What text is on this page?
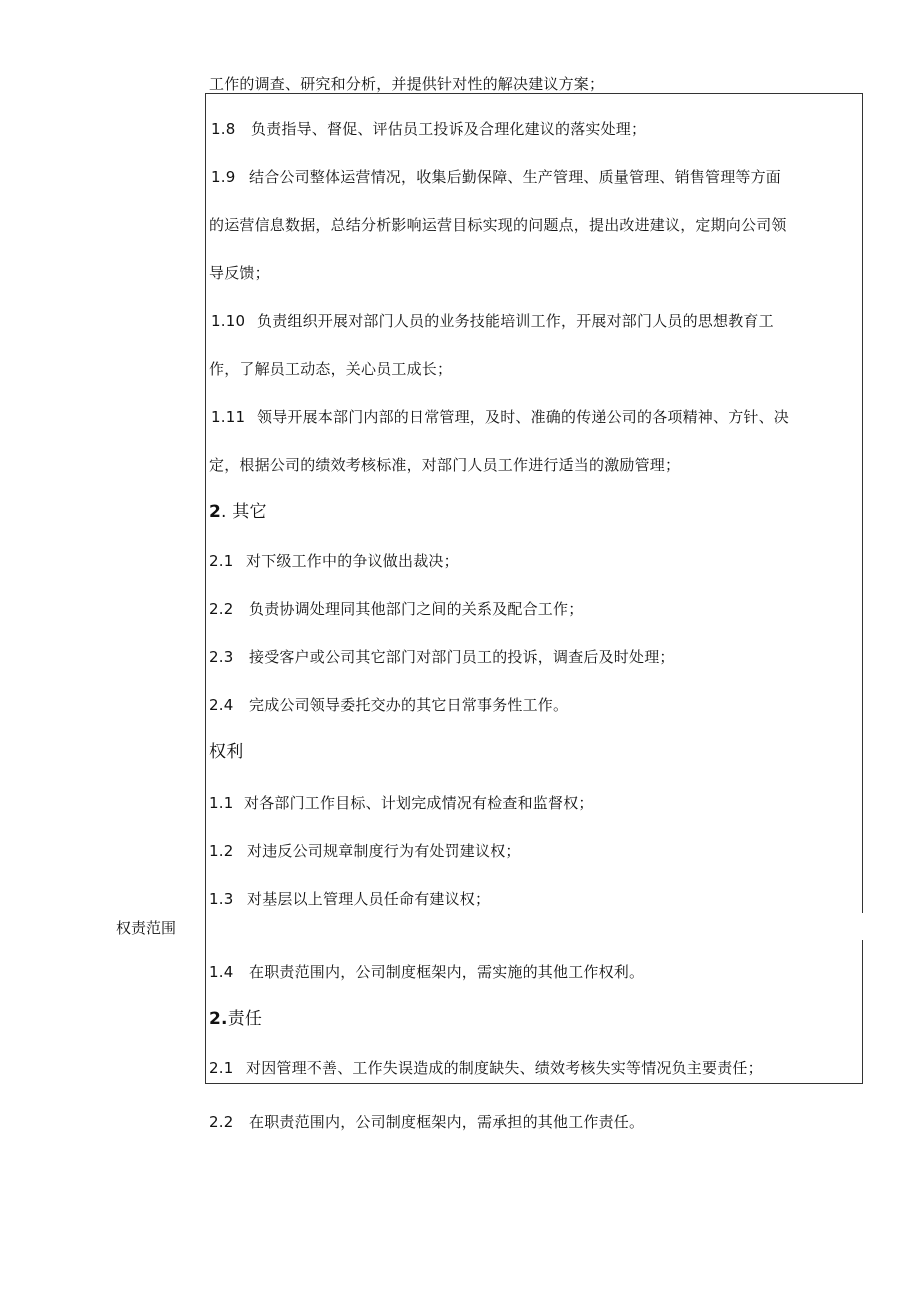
工作的调查、研究和分析，并提供针对性的解决建议方案；
1.8 负责指导、督促、评估员工投诉及合理化建议的落实处理；
1.9 结合公司整体运营情况，收集后勤保障、生产管理、质量管理、销售管理等方面
的运营信息数据，总结分析影响运营目标实现的问题点，提出改进建议，定期向公司领
导反馈；
1.10 负责组织开展对部门人员的业务技能培训工作，开展对部门人员的思想教育工
作，了解员工动态，关心员工成长；
1.11 领导开展本部门内部的日常管理，及时、准确的传递公司的各项精神、方针、决
定，根据公司的绩效考核标准，对部门人员工作进行适当的激励管理；
2. 其它
2.1 对下级工作中的争议做出裁决；
2.2 负责协调处理同其他部门之间的关系及配合工作；
2.3 接受客户或公司其它部门对部门员工的投诉，调查后及时处理；
2.4 完成公司领导委托交办的其它日常事务性工作。
权利
1.1 对各部门工作目标、计划完成情况有检查和监督权；
1.2 对违反公司规章制度行为有处罚建议权；
1.3 对基层以上管理人员任命有建议权；
权责范围
1.4 在职责范围内，公司制度框架内，需实施的其他工作权利。
2.责任
2.1 对因管理不善、工作失误造成的制度缺失、绩效考核失实等情况负主要责任；
2.2 在职责范围内，公司制度框架内，需承担的其他工作责任。
